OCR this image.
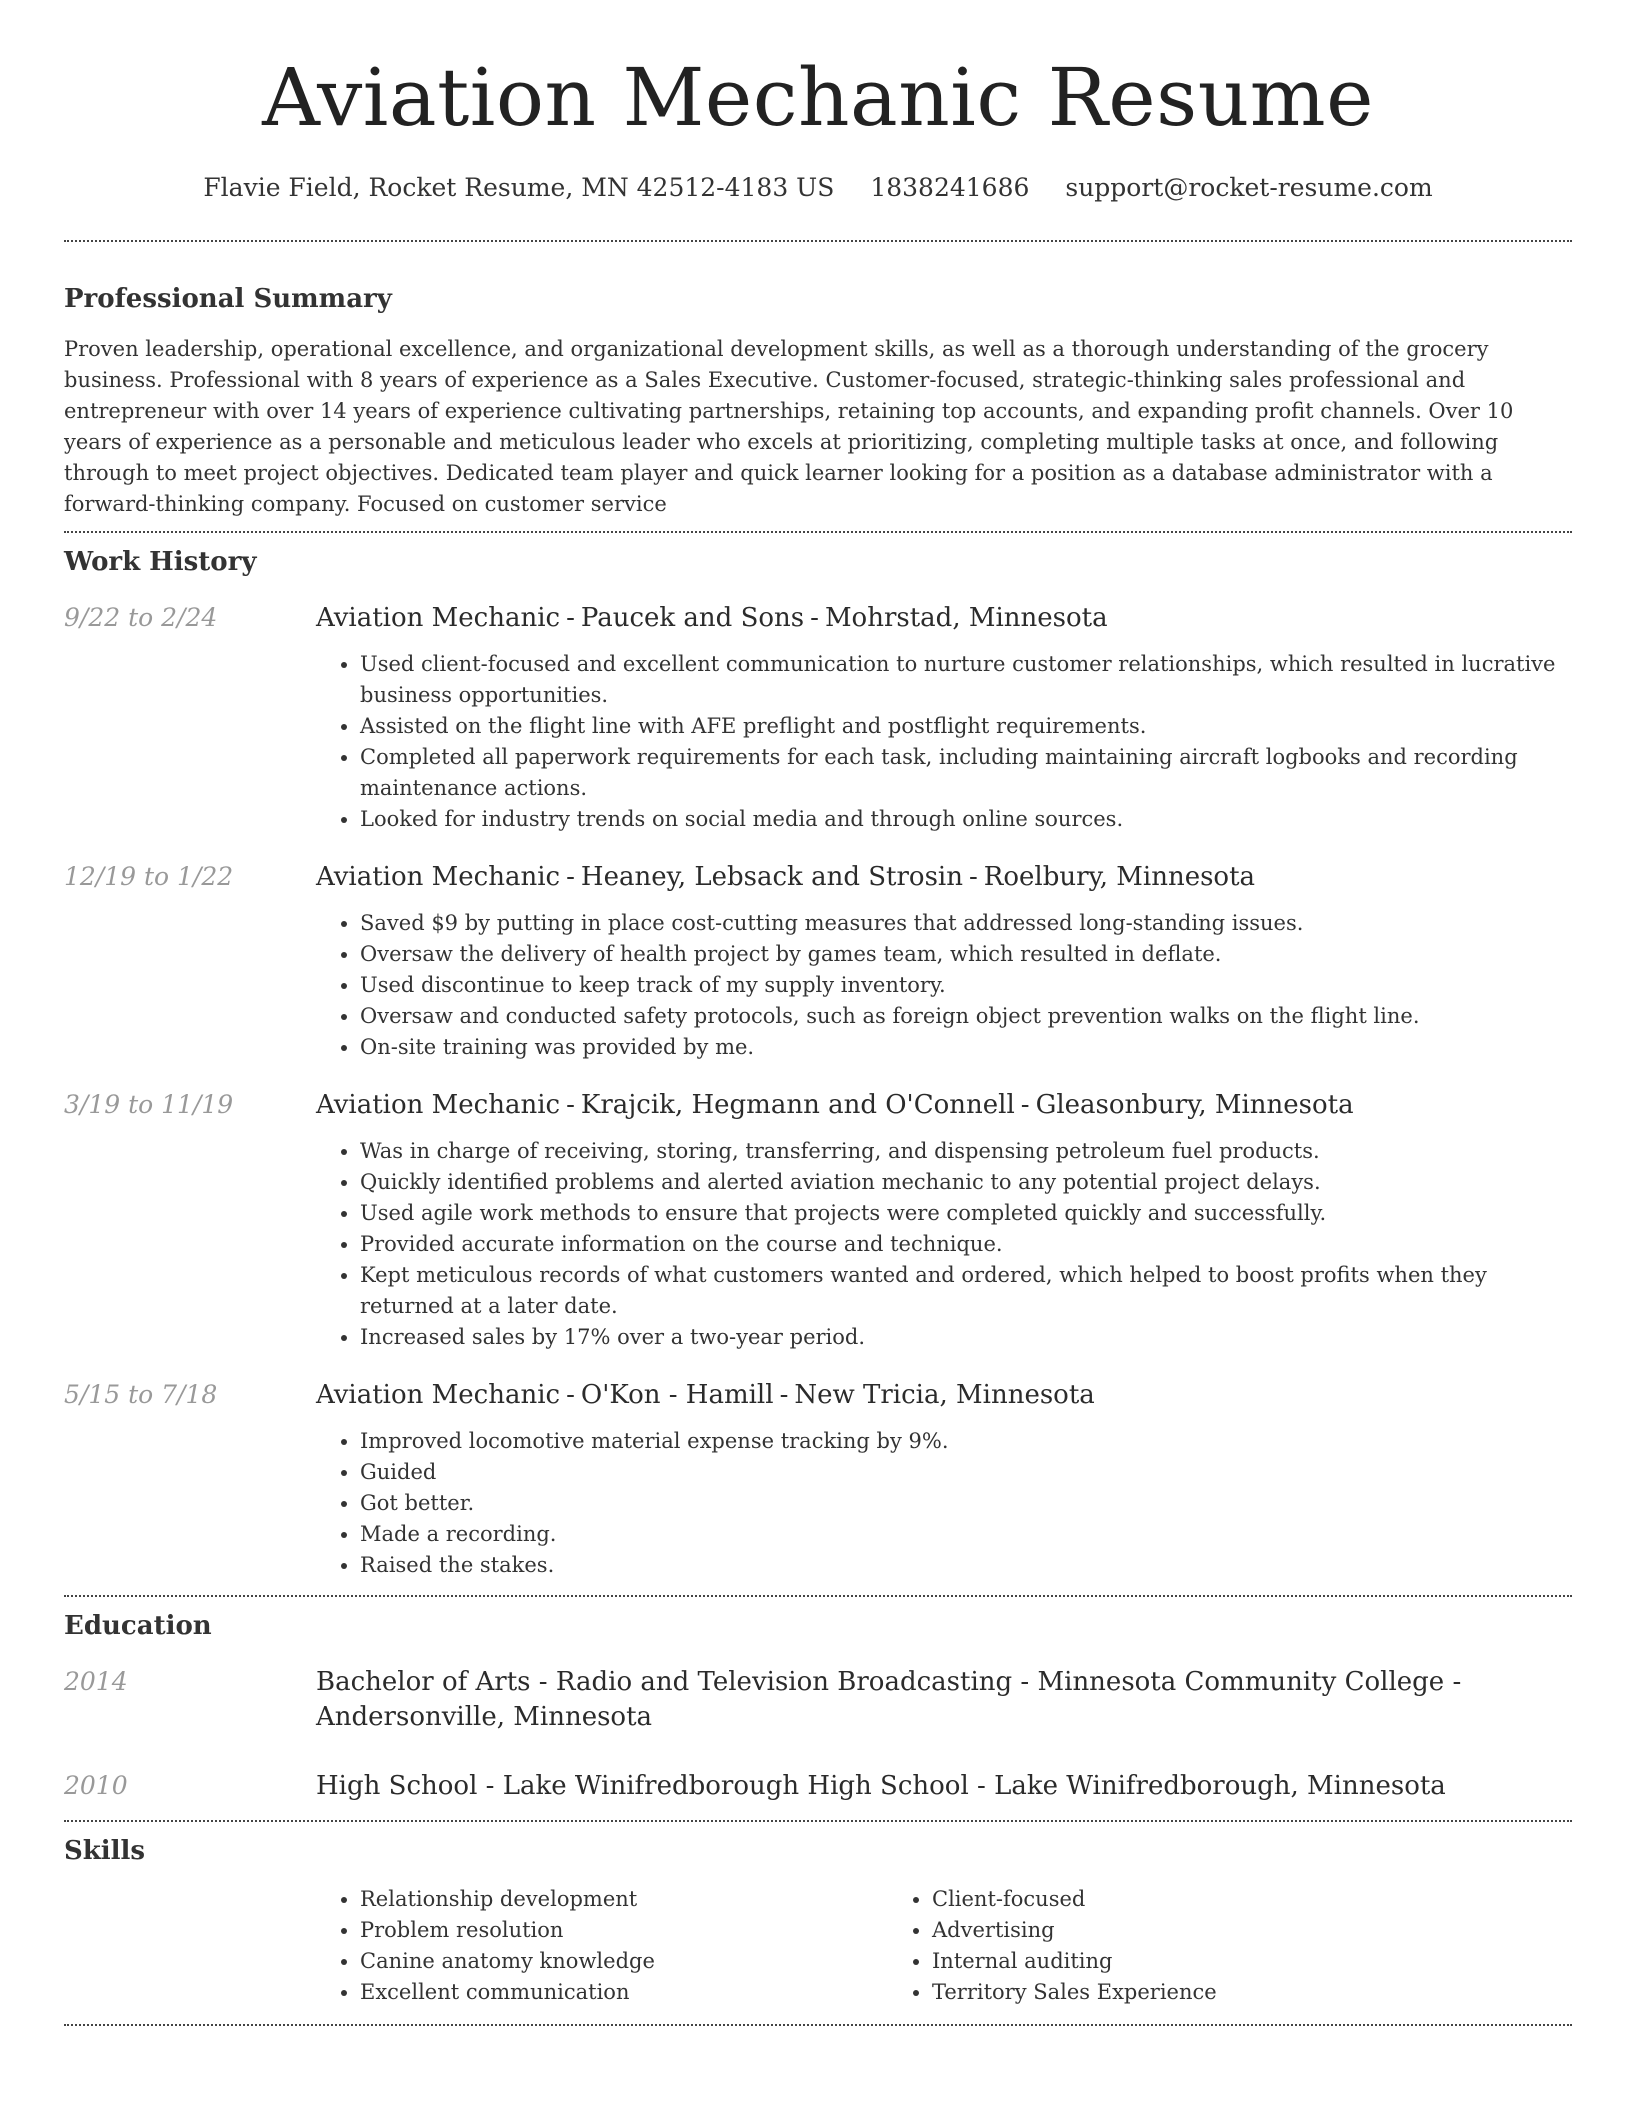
Aviation Mechanic Resume
Flavie Field, Rocket Resume, MN 42512-4183 US 1838241686 support@rocket-resume.com
Professional Summary

Proven leadership, operational excellence, and organizational development skills, as well as a thorough understanding of the grocery business. Professional with 8 years of experience as a Sales Executive. Customer-focused, strategic-thinking sales professional and entrepreneur with over 14 years of experience cultivating partnerships, retaining top accounts, and expanding profit channels. Over 10 years of experience as a personable and meticulous leader who excels at prioritizing, completing multiple tasks at once, and following through to meet project objectives. Dedicated team player and quick learner looking for a position as a database administrator with a forward-thinking company. Focused on customer service

Work History
9/22 to 2/24	Aviation Mechanic - Paucek and Sons - Mohrstad, Minnesota
• Used client-focused and excellent communication to nurture customer relationships, which resulted in lucrative business opportunities.
• Assisted on the flight line with AFE preflight and postflight requirements.
• Completed all paperwork requirements for each task, including maintaining aircraft logbooks and recording maintenance actions.
• Looked for industry trends on social media and through online sources.
12/19 to 1/22	Aviation Mechanic - Heaney, Lebsack and Strosin - Roelbury, Minnesota
• Saved $9 by putting in place cost-cutting measures that addressed long-standing issues.
• Oversaw the delivery of health project by games team, which resulted in deflate.
• Used discontinue to keep track of my supply inventory.
• Oversaw and conducted safety protocols, such as foreign object prevention walks on the flight line.
• On-site training was provided by me.
3/19 to 11/19	Aviation Mechanic - Krajcik, Hegmann and O'Connell - Gleasonbury, Minnesota
• Was in charge of receiving, storing, transferring, and dispensing petroleum fuel products.
• Quickly identified problems and alerted aviation mechanic to any potential project delays.
• Used agile work methods to ensure that projects were completed quickly and successfully.
• Provided accurate information on the course and technique.
• Kept meticulous records of what customers wanted and ordered, which helped to boost profits when they returned at a later date.
• Increased sales by 17% over a two-year period.
5/15 to 7/18	Aviation Mechanic - O'Kon - Hamill - New Tricia, Minnesota
• Improved locomotive material expense tracking by 9%.
• Guided
• Got better.
• Made a recording.
• Raised the stakes.
Education
2014	Bachelor of Arts - Radio and Television Broadcasting - Minnesota Community College - Andersonville, Minnesota
2010	High School - Lake Winifredborough High School - Lake Winifredborough, Minnesota
Skills
• Relationship development
• Problem resolution
• Canine anatomy knowledge
• Excellent communication
• Client-focused
• Advertising
• Internal auditing
• Territory Sales Experience
